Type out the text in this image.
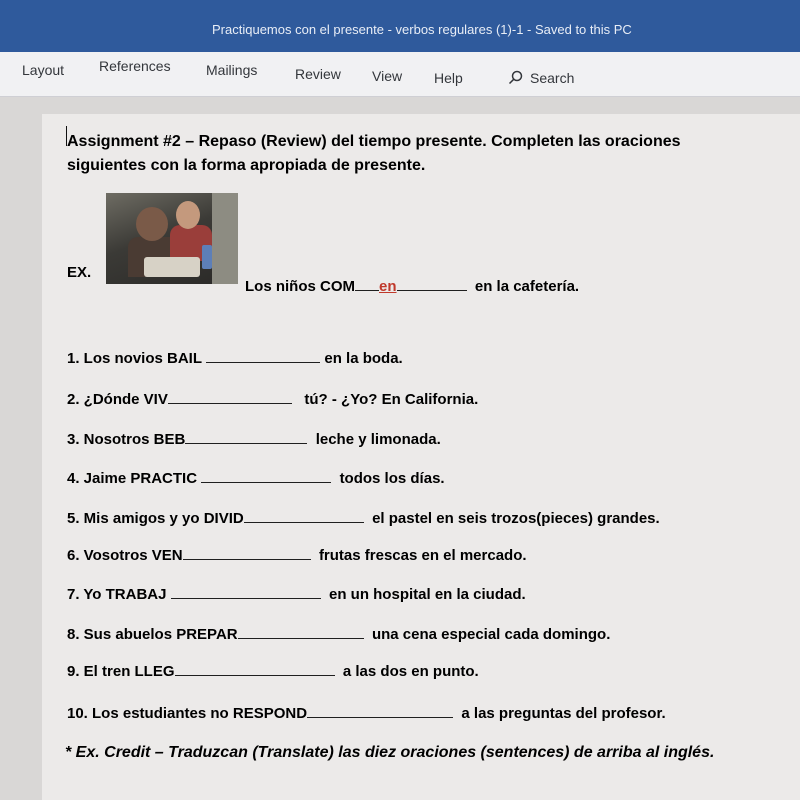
Practiquemos con el presente - verbos regulares (1)-1 - Saved to this PC
Layout References	Mailings	Review View Help	Search
Assignment #2 – Repaso (Review) del tiempo presente. Completen las oraciones siguientes con la forma apropiada de presente.
EX.
Los niños COM en	en la cafetería.
1. Los novios BAIL	en la boda.
2. ¿Dónde VIV	tú? - ¿Yo? En California.
3. Nosotros BEB	leche y limonada.
4. Jaime PRACTIC	todos los días.
5. Mis amigos y yo DIVID	el pastel en seis trozos(pieces) grandes.
6. Vosotros VEN	frutas frescas en el mercado.
7. Yo TRABAJ	en un hospital en la ciudad.
8. Sus abuelos PREPAR	una cena especial cada domingo.
9. El tren LLEG	a las dos en punto.
10. Los estudiantes no RESPOND	a las preguntas del profesor.
* Ex. Credit – Traduzcan (Translate) las diez oraciones (sentences) de arriba al inglés.
